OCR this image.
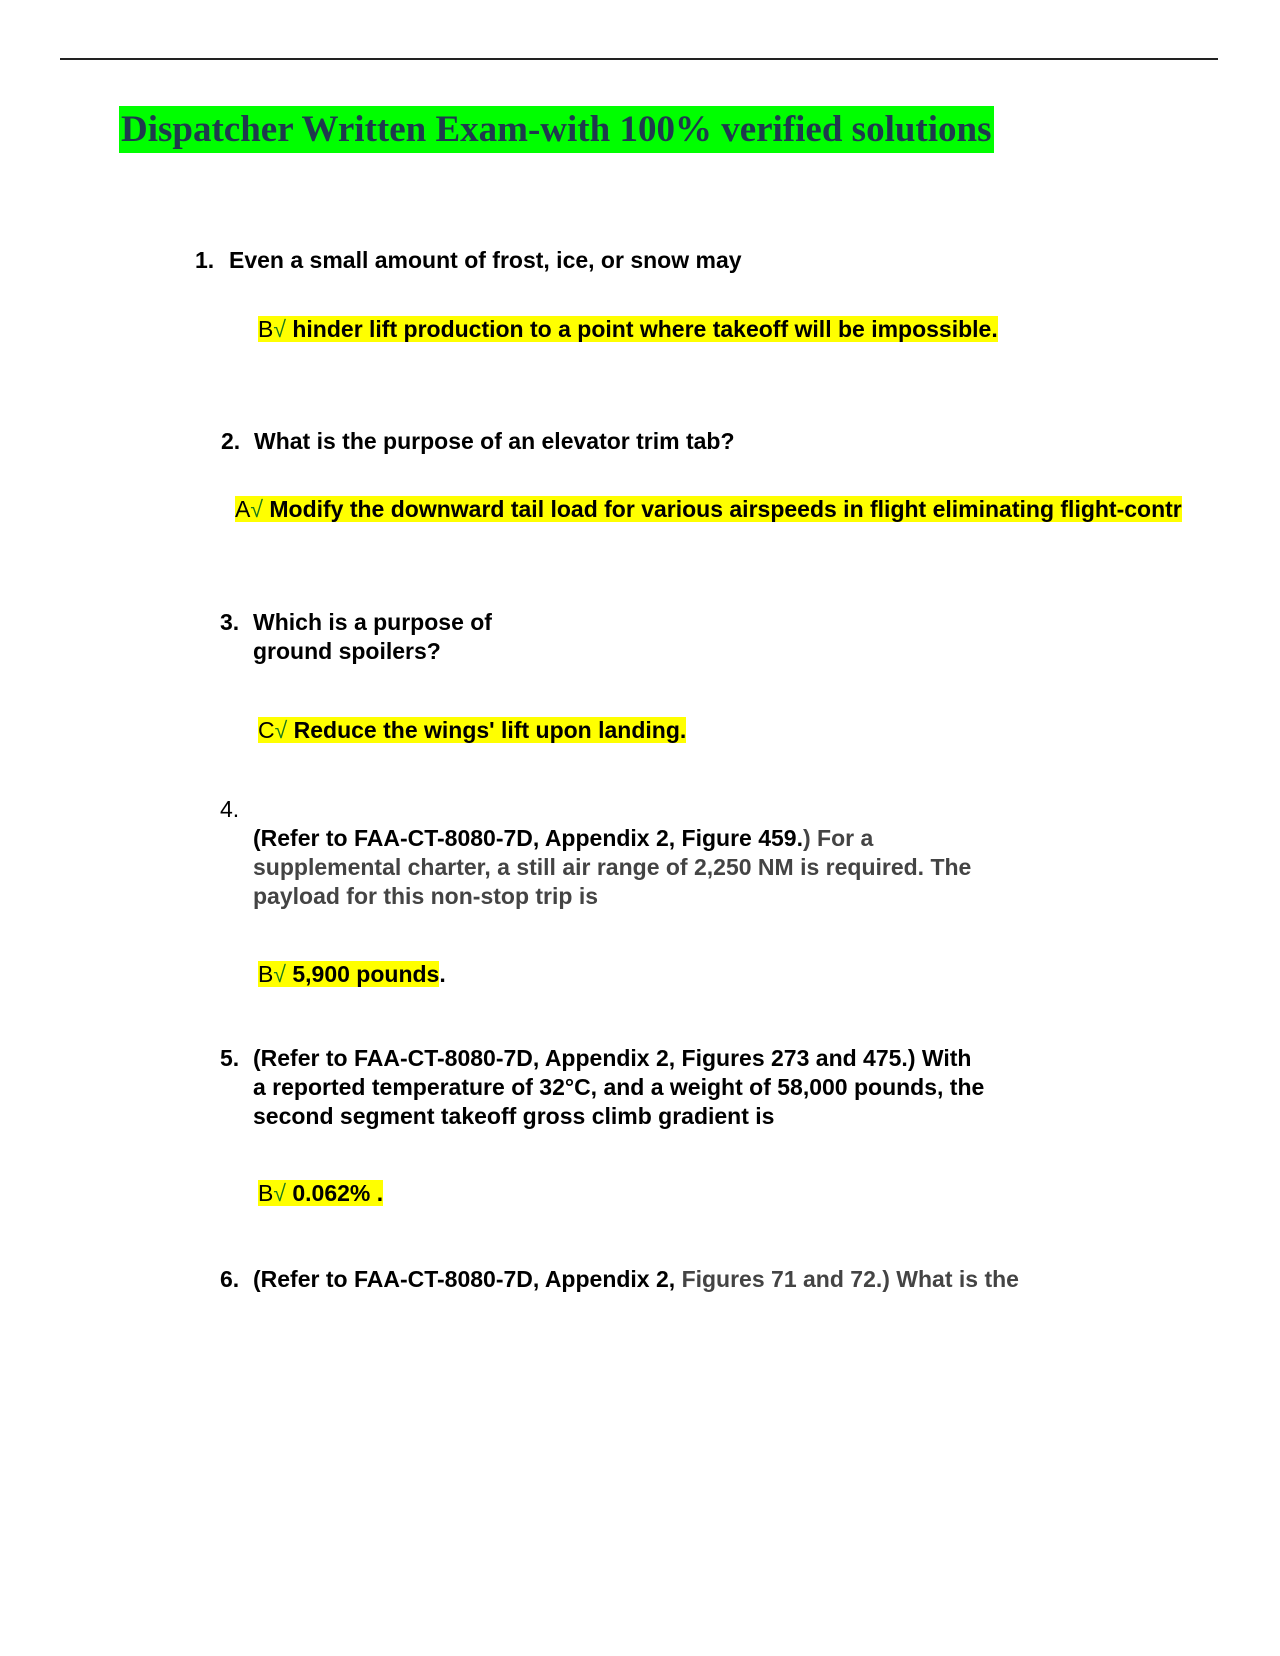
Dispatcher Written Exam-with 100% verified solutions
1. Even a small amount of frost, ice, or snow may
B√ hinder lift production to a point where takeoff will be impossible.
2. What is the purpose of an elevator trim tab?
A√ Modify the downward tail load for various airspeeds in flight eliminating flight-contr
3. Which is a purpose of
ground spoilers?
C√ Reduce the wings' lift upon landing.
4.
(Refer to FAA-CT-8080-7D, Appendix 2, Figure 459.) For a
supplemental charter, a still air range of 2,250 NM is required. The
payload for this non-stop trip is
B√ 5,900 pounds.
5. (Refer to FAA-CT-8080-7D, Appendix 2, Figures 273 and 475.) With
a reported temperature of 32°C, and a weight of 58,000 pounds, the
second segment takeoff gross climb gradient is
B√ 0.062% .
6. (Refer to FAA-CT-8080-7D, Appendix 2, Figures 71 and 72.) What is the
